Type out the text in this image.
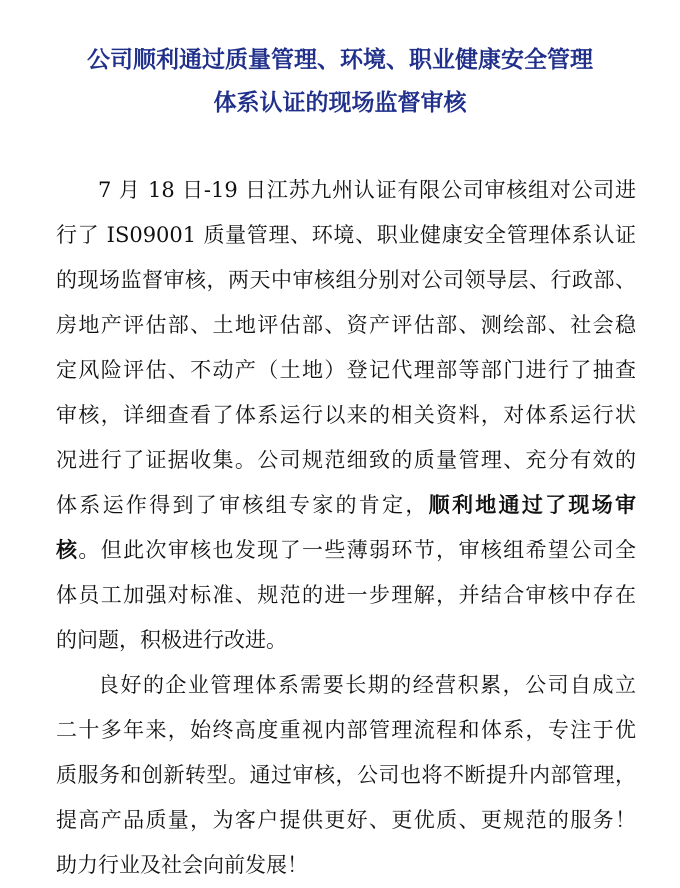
公司顺利通过质量管理、环境、职业健康安全管理
体系认证的现场监督审核
7 月 18 日-19 日江苏九州认证有限公司审核组对公司进
行了 IS09001 质量管理、环境、职业健康安全管理体系认证
的现场监督审核，两天中审核组分别对公司领导层、行政部、
房地产评估部、土地评估部、资产评估部、测绘部、社会稳
定风险评估、不动产（土地）登记代理部等部门进行了抽查
审核，详细查看了体系运行以来的相关资料，对体系运行状
况进行了证据收集。公司规范细致的质量管理、充分有效的
体系运作得到了审核组专家的肯定，顺利地通过了现场审
核。但此次审核也发现了一些薄弱环节，审核组希望公司全
体员工加强对标准、规范的进一步理解，并结合审核中存在
的问题，积极进行改进。
良好的企业管理体系需要长期的经营积累，公司自成立
二十多年来，始终高度重视内部管理流程和体系，专注于优
质服务和创新转型。通过审核，公司也将不断提升内部管理，
提高产品质量，为客户提供更好、更优质、更规范的服务！
助力行业及社会向前发展！
